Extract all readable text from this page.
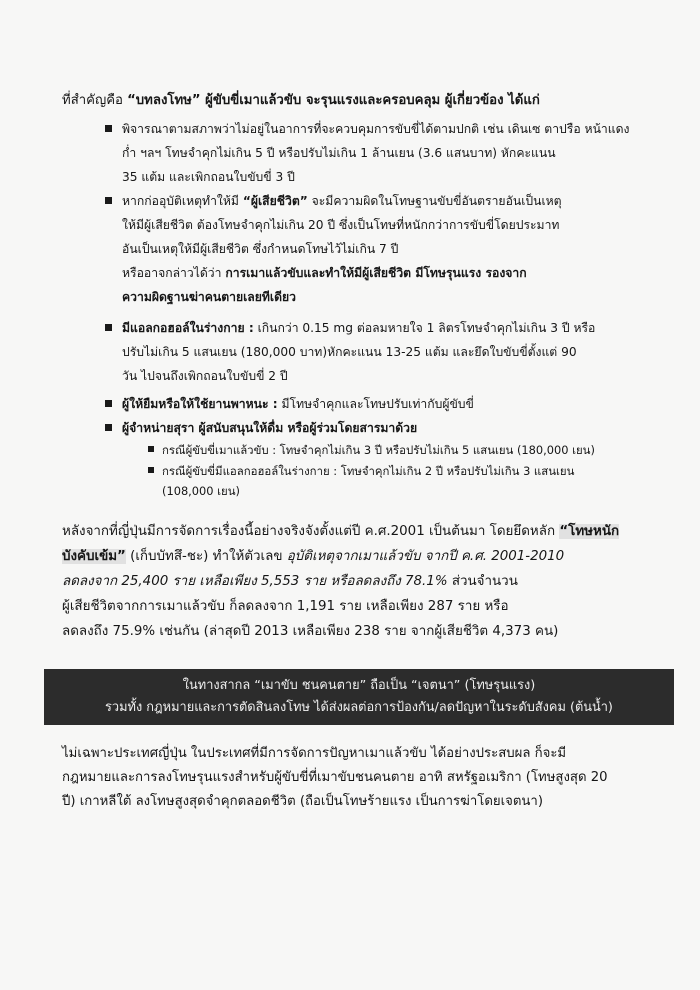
ที่สำคัญคือ “บทลงโทษ” ผู้ขับขี่เมาแล้วขับ จะรุนแรงและครอบคลุม ผู้เกี่ยวข้อง ได้แก่
พิจารณาตามสภาพว่าไม่อยู่ในอาการที่จะควบคุมการขับขี่ได้ตามปกติ เช่น เดินเซ ตาปรือ หน้าแดง
ก่ำ ฯลฯ โทษจำคุกไม่เกิน 5 ปี หรือปรับไม่เกิน 1 ล้านเยน (3.6 แสนบาท) หักคะแนน
35 แต้ม และเพิกถอนใบขับขี่ 3 ปี
หากก่ออุบัติเหตุทำให้มี “ผู้เสียชีวิต” จะมีความผิดในโทษฐานขับขี่อันตรายอันเป็นเหตุ
ให้มีผู้เสียชีวิต ต้องโทษจำคุกไม่เกิน 20 ปี ซึ่งเป็นโทษที่หนักกว่าการขับขี่โดยประมาท
อันเป็นเหตุให้มีผู้เสียชีวิต ซึ่งกำหนดโทษไว้ไม่เกิน 7 ปี
หรืออาจกล่าวได้ว่า การเมาแล้วขับและทำให้มีผู้เสียชีวิต มีโทษรุนแรง รองจาก
ความผิดฐานฆ่าคนตายเลยทีเดียว
มีแอลกอฮอล์ในร่างกาย : เกินกว่า 0.15 mg ต่อลมหายใจ 1 ลิตรโทษจำคุกไม่เกิน 3 ปี หรือ
ปรับไม่เกิน 5 แสนเยน (180,000 บาท)หักคะแนน 13-25 แต้ม และยึดใบขับขี่ตั้งแต่ 90
วัน ไปจนถึงเพิกถอนใบขับขี่ 2 ปี
ผู้ให้ยืมหรือให้ใช้ยานพาหนะ : มีโทษจำคุกและโทษปรับเท่ากับผู้ขับขี่
ผู้จำหน่ายสุรา ผู้สนับสนุนให้ดื่ม หรือผู้ร่วมโดยสารมาด้วย
กรณีผู้ขับขี่เมาแล้วขับ : โทษจำคุกไม่เกิน 3 ปี หรือปรับไม่เกิน 5 แสนเยน (180,000 เยน)
กรณีผู้ขับขี่มีแอลกอฮอล์ในร่างกาย : โทษจำคุกไม่เกิน 2 ปี หรือปรับไม่เกิน 3 แสนเยน
(108,000 เยน)
หลังจากที่ญี่ปุ่นมีการจัดการเรื่องนี้อย่างจริงจังตั้งแต่ปี ค.ศ.2001 เป็นต้นมา โดยยึดหลัก “โทษหนัก
บังคับเข้ม” (เก็บบัทสึ-ชะ) ทำให้ตัวเลข อุบัติเหตุจากเมาแล้วขับ จากปี ค.ศ. 2001-2010
ลดลงจาก 25,400 ราย เหลือเพียง 5,553 ราย หรือลดลงถึง 78.1% ส่วนจำนวน
ผู้เสียชีวิตจากการเมาแล้วขับ ก็ลดลงจาก 1,191 ราย เหลือเพียง 287 ราย หรือ
ลดลงถึง 75.9% เช่นกัน (ล่าสุดปี 2013 เหลือเพียง 238 ราย จากผู้เสียชีวิต 4,373 คน)
ในทางสากล “เมาขับ ชนคนตาย” ถือเป็น “เจตนา” (โทษรุนแรง)
รวมทั้ง กฎหมายและการตัดสินลงโทษ ได้ส่งผลต่อการป้องกัน/ลดปัญหาในระดับสังคม (ต้นน้ำ)
ไม่เฉพาะประเทศญี่ปุ่น ในประเทศที่มีการจัดการปัญหาเมาแล้วขับ ได้อย่างประสบผล ก็จะมี
กฎหมายและการลงโทษรุนแรงสำหรับผู้ขับขี่ที่เมาขับชนคนตาย อาทิ สหรัฐอเมริกา (โทษสูงสุด 20
ปี) เกาหลีใต้ ลงโทษสูงสุดจำคุกตลอดชีวิต (ถือเป็นโทษร้ายแรง เป็นการฆ่าโดยเจตนา)
